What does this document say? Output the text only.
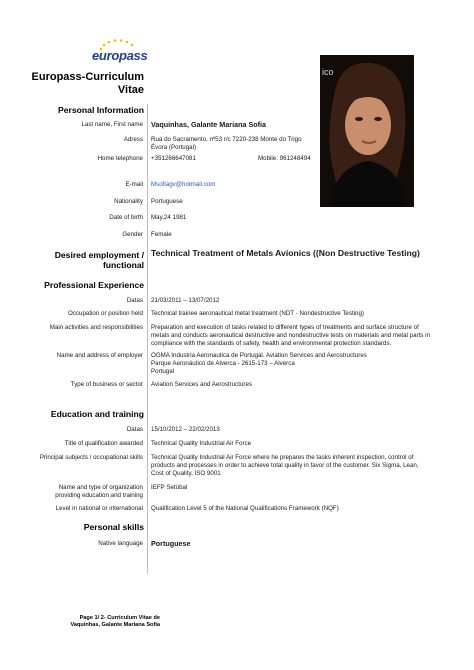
europass
Europass-Curriculum Vitae
ico
Personal Information
Last name, First name Vaquinhas, Galante Mariana Sofia
Adress Rua do Sacramento, nº53 r/c 7220-238 Monte do Trigo
Évora (Portugal)
Home telephone +351266647081	Mobile: 961248494
E-mail Msofiagv@hotmail.com
Nationality Portuguese
Date of birth May,24 1981
Gender Female
Desired employment /
functional
Technical Treatment of Metals Avionics ((Non Destructive Testing)
Professional Experience
Datas 21/03/2011 – 13/07/2012
Occupation or position held Technical trainee aeronautical metal treatment (NDT - Nondestructive Testing)
Main activities and responsibilities Preparation and execution of tasks related to different types of treatments and surface structure of
metals and conducts aeronautical destructive and nondestructive tests on materials and metal parts in
compliance with the standards of safety, health and environmental protection standards.
Name and address of employer OGMA Industria Aeronautica de Portugal. Aviation Services and Aerostructures
Parque Aeronáutico de Alverca - 2615-173 – Alverca
Portugal
Type of business or sector Aviation Services and Aerostructures
Education and training
Datas 15/10/2012 – 22/02/2013
Title of qualification awarded Technical Quality Industrial Air Force
Principal subjects / occupational skills Technical Quality Industrial Air Force where he prepares the tasks inherent inspection, control of
products and processes in order to achieve total quality in favor of the customer. Six Sigma, Lean,
Cost of Quality, ISO 9001
Name and type of organization
providing education and training
IEFP Setúbal
Level in national or international Qualification Level 5 of the National Qualifications Framework (NQF)
Personal skills
Native language Portuguese
Page 1/ 2- Curriculum Vitae de
Vaquinhas, Galante Mariana Sofia
